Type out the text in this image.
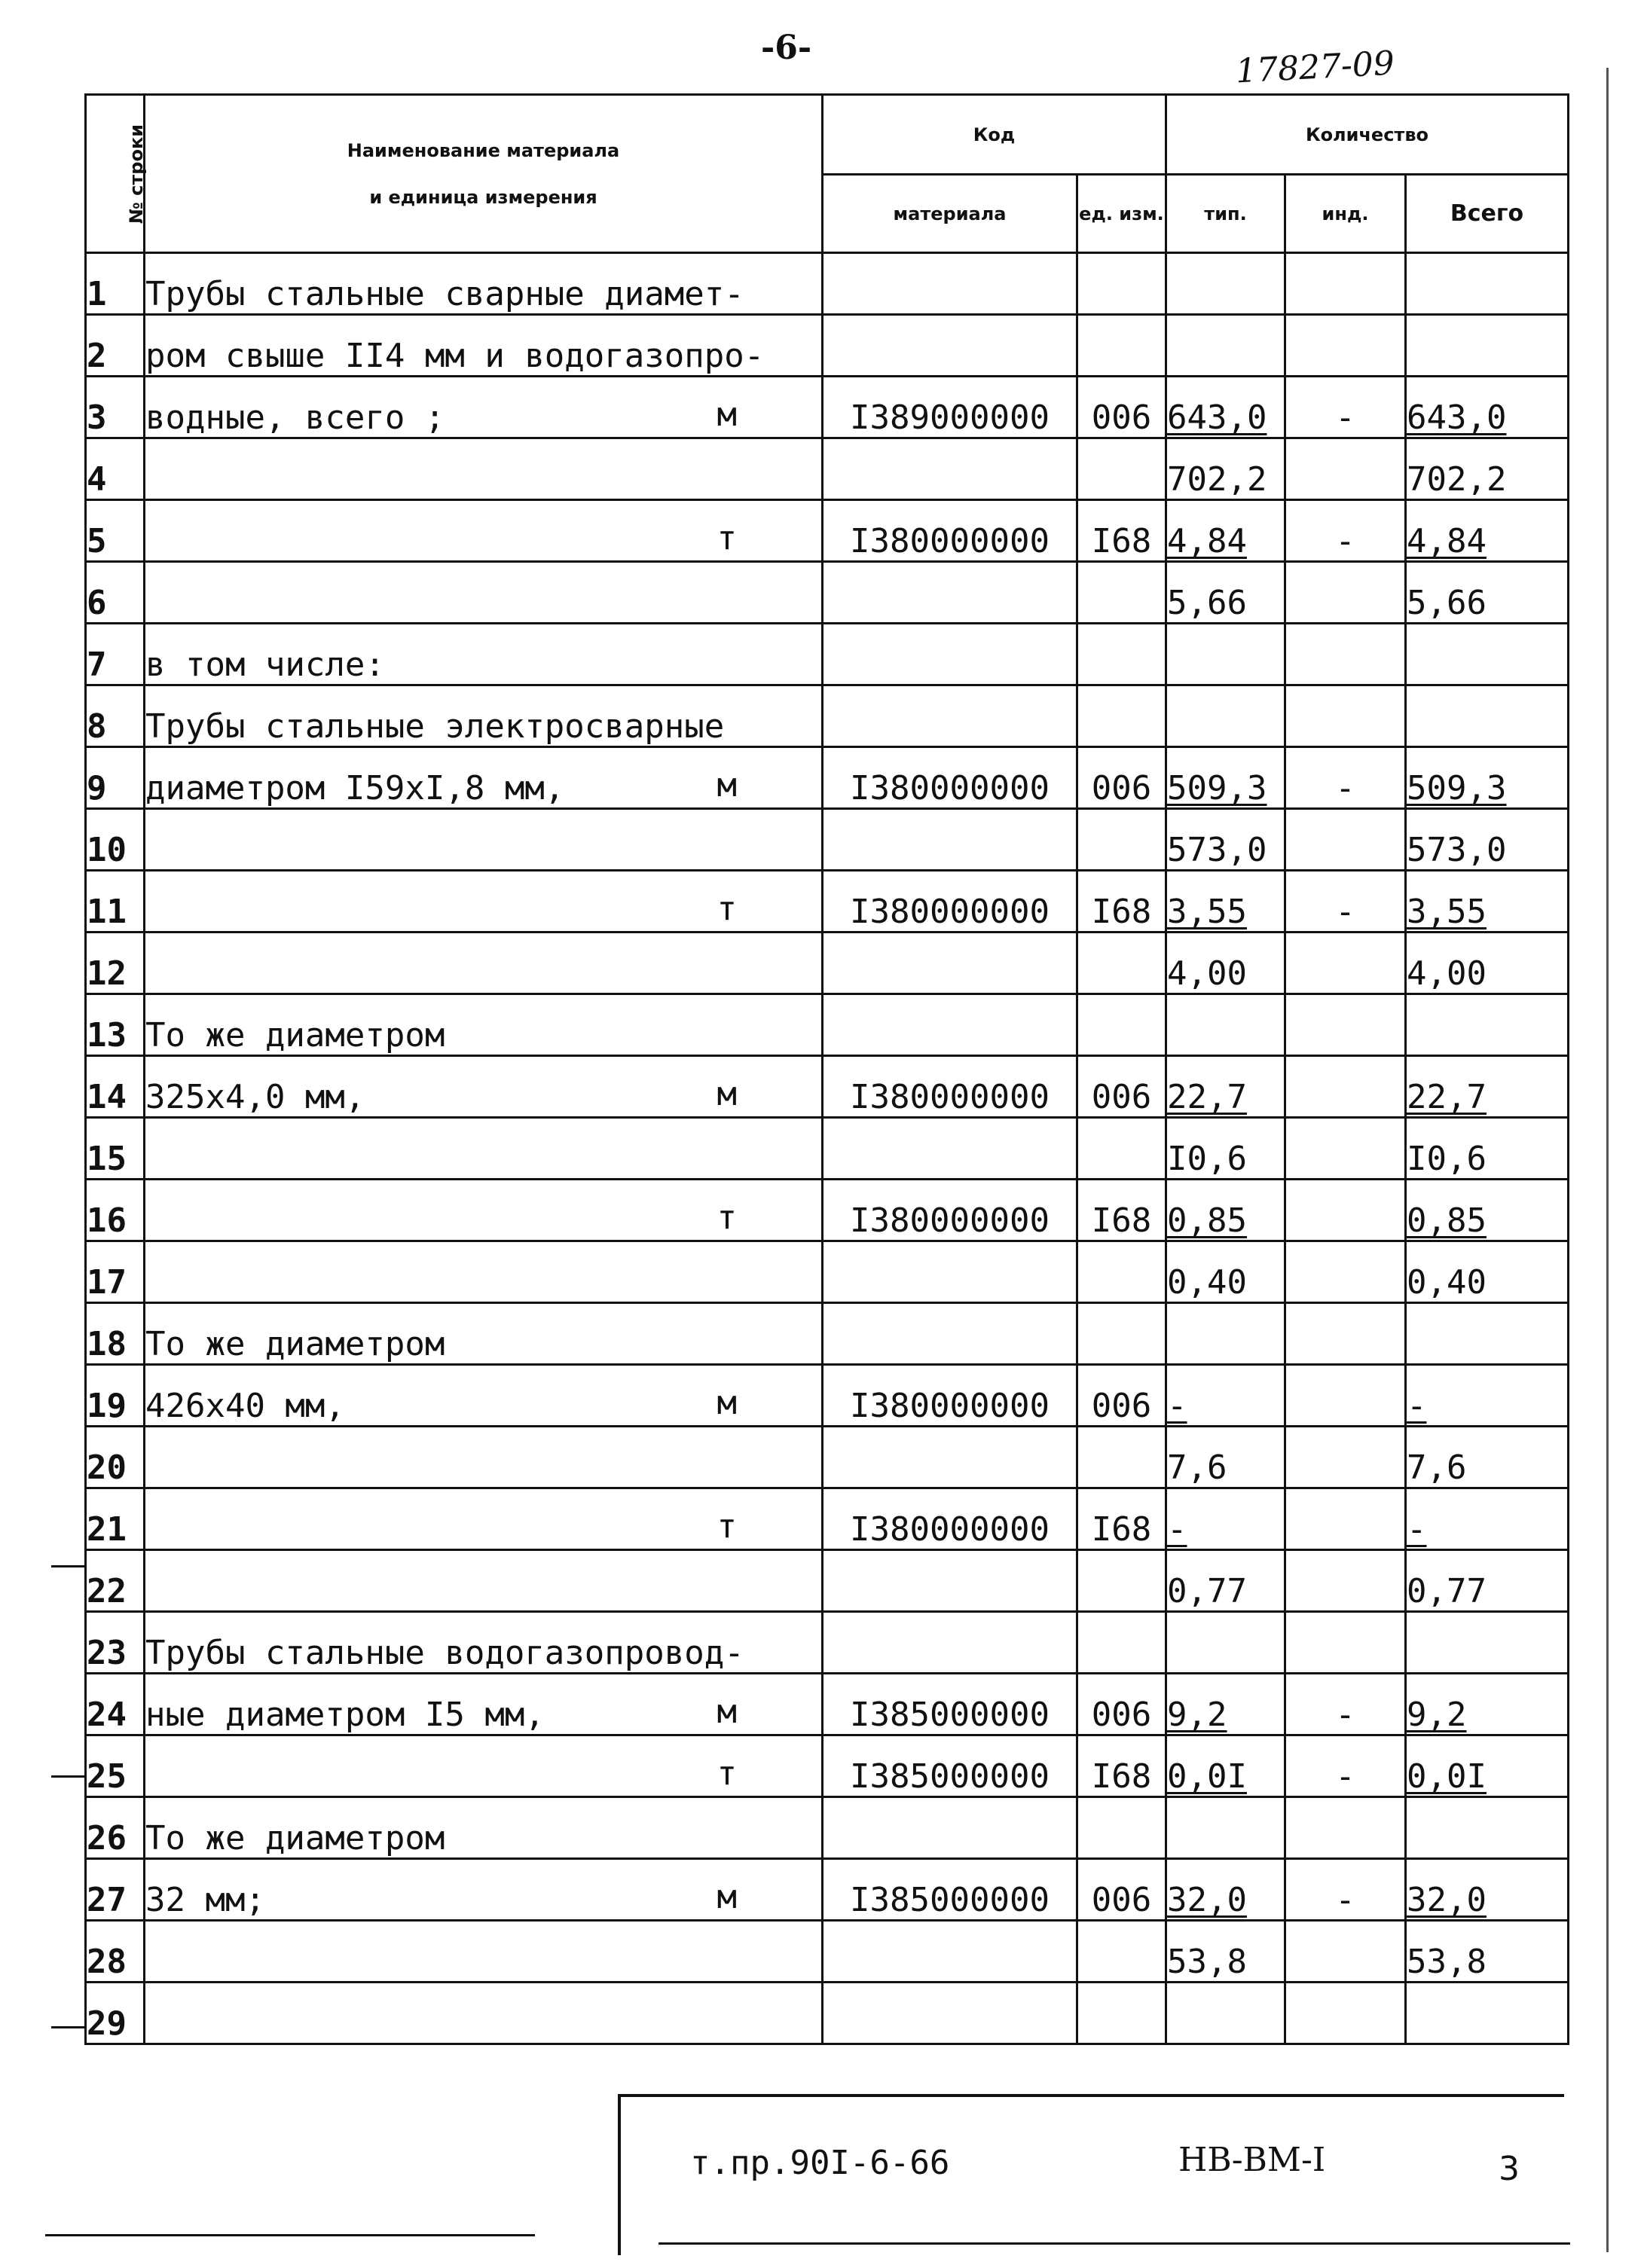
-6-	17827-09
№ строки	Наименование материала
и единица измерения	Код		Количество		
		материала	ед. изм.	тип.	инд.	Всего
1	Трубы стальные сварные диамет-

2	ром свыше II4 мм и водогазопро-

3	водные, всего ; м	I389000000	006	643,0	-	643,0
4				702,2		702,2
5	т	I380000000	I68	4,84	-	4,84
6				5,66		5,66
7	в том числе:

8	Трубы стальные электросварные

9	диаметром I59xI,8 мм, м	I380000000	006	509,3	-	509,3
10				573,0		573,0
11	т	I380000000	I68	3,55	-	3,55
12				4,00		4,00
13	То же диаметром

14	325x4,0 мм, м	I380000000	006	22,7		22,7
15				I0,6		I0,6
16	т	I380000000	I68	0,85		0,85
17				0,40		0,40
18	То же диаметром

19	426x40 мм, м	I380000000	006	-		-
20				7,6		7,6
21	т	I380000000	I68	-		-
22				0,77		0,77
23	Трубы стальные водогазопровод-

24	ные диаметром I5 мм, м	I385000000	006	9,2	-	9,2
25	т	I385000000	I68	0,0I	-	0,0I
26	То же диаметром

27	32 мм; м	I385000000	006	32,0	-	32,0
28				53,8		53,8
29	

т.пр.90I-6-66	НВ-ВМ-I	3
